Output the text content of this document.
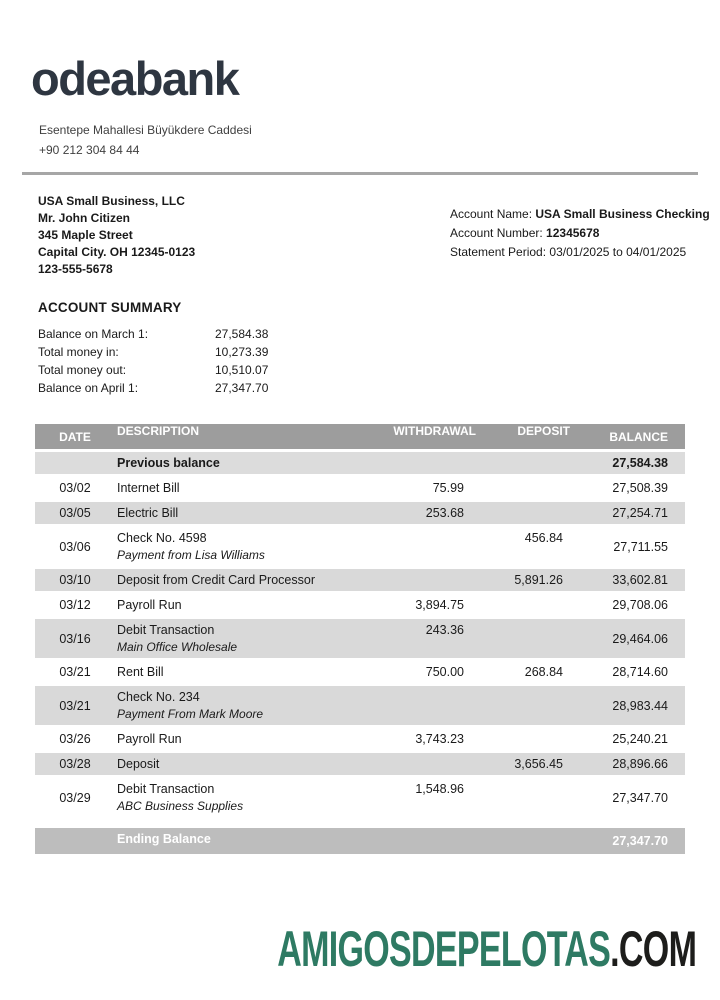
odeabank
Esentepe Mahallesi Büyükdere Caddesi
+90 212 304 84 44
USA Small Business, LLC
Mr. John Citizen
345 Maple Street
Capital City. OH 12345-0123
123-555-5678
Account Name: USA Small Business Checking
Account Number: 12345678
Statement Period: 03/01/2025 to 04/01/2025
ACCOUNT SUMMARY
Balance on March 1:	27,584.38
Total money in:	10,273.39
Total money out:	10,510.07
Balance on April 1:	27,347.70
DATE	DESCRIPTION	WITHDRAWAL	DEPOSIT	BALANCE
	Previous balance			27,584.38
03/02	Internet Bill	75.99		27,508.39
03/05	Electric Bill	253.68		27,254.71
03/06	Check No. 4598
Payment from Lisa Williams		456.84	27,711.55
03/10	Deposit from Credit Card Processor		5,891.26	33,602.81
03/12	Payroll Run	3,894.75		29,708.06
03/16	Debit Transaction
Main Office Wholesale	243.36		29,464.06
03/21	Rent Bill	750.00	268.84	28,714.60
03/21	Check No. 234
Payment From Mark Moore			28,983.44
03/26	Payroll Run	3,743.23		25,240.21
03/28	Deposit		3,656.45	28,896.66
03/29	Debit Transaction
ABC Business Supplies	1,548.96		27,347.70

	Ending Balance			27,347.70
AMIGOSDEPELOTAS.COM
